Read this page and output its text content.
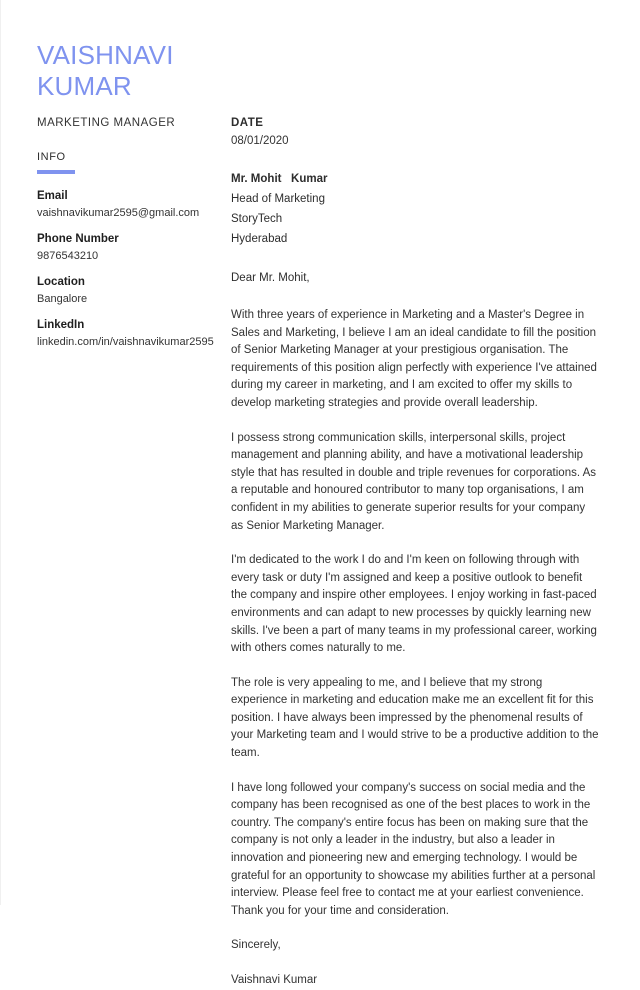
VAISHNAVI
KUMAR
MARKETING MANAGER	DATE
INFO
Email
vaishnavikumar2595@gmail.com
Phone Number
9876543210
Location
Bangalore
LinkedIn
linkedin.com/in/vaishnavikumar2595
08/01/2020
Mr. Mohit   Kumar
Head of Marketing
StoryTech
Hyderabad
Dear Mr. Mohit,

With three years of experience in Marketing and a Master's Degree in Sales and Marketing, I believe I am an ideal candidate to fill the position of Senior Marketing Manager at your prestigious organisation. The requirements of this position align perfectly with experience I've attained during my career in marketing, and I am excited to offer my skills to develop marketing strategies and provide overall leadership.

I possess strong communication skills, interpersonal skills, project management and planning ability, and have a motivational leadership style that has resulted in double and triple revenues for corporations. As a reputable and honoured contributor to many top organisations, I am confident in my abilities to generate superior results for your company as Senior Marketing Manager.

I'm dedicated to the work I do and I'm keen on following through with every task or duty I'm assigned and keep a positive outlook to benefit the company and inspire other employees. I enjoy working in fast-paced environments and can adapt to new processes by quickly learning new skills. I've been a part of many teams in my professional career, working with others comes naturally to me.

The role is very appealing to me, and I believe that my strong experience in marketing and education make me an excellent fit for this position. I have always been impressed by the phenomenal results of your Marketing team and I would strive to be a productive addition to the team.

I have long followed your company's success on social media and the company has been recognised as one of the best places to work in the country. The company's entire focus has been on making sure that the company is not only a leader in the industry, but also a leader in innovation and pioneering new and emerging technology. I would be grateful for an opportunity to showcase my abilities further at a personal interview. Please feel free to contact me at your earliest convenience. Thank you for your time and consideration.

Sincerely,

Vaishnavi Kumar
